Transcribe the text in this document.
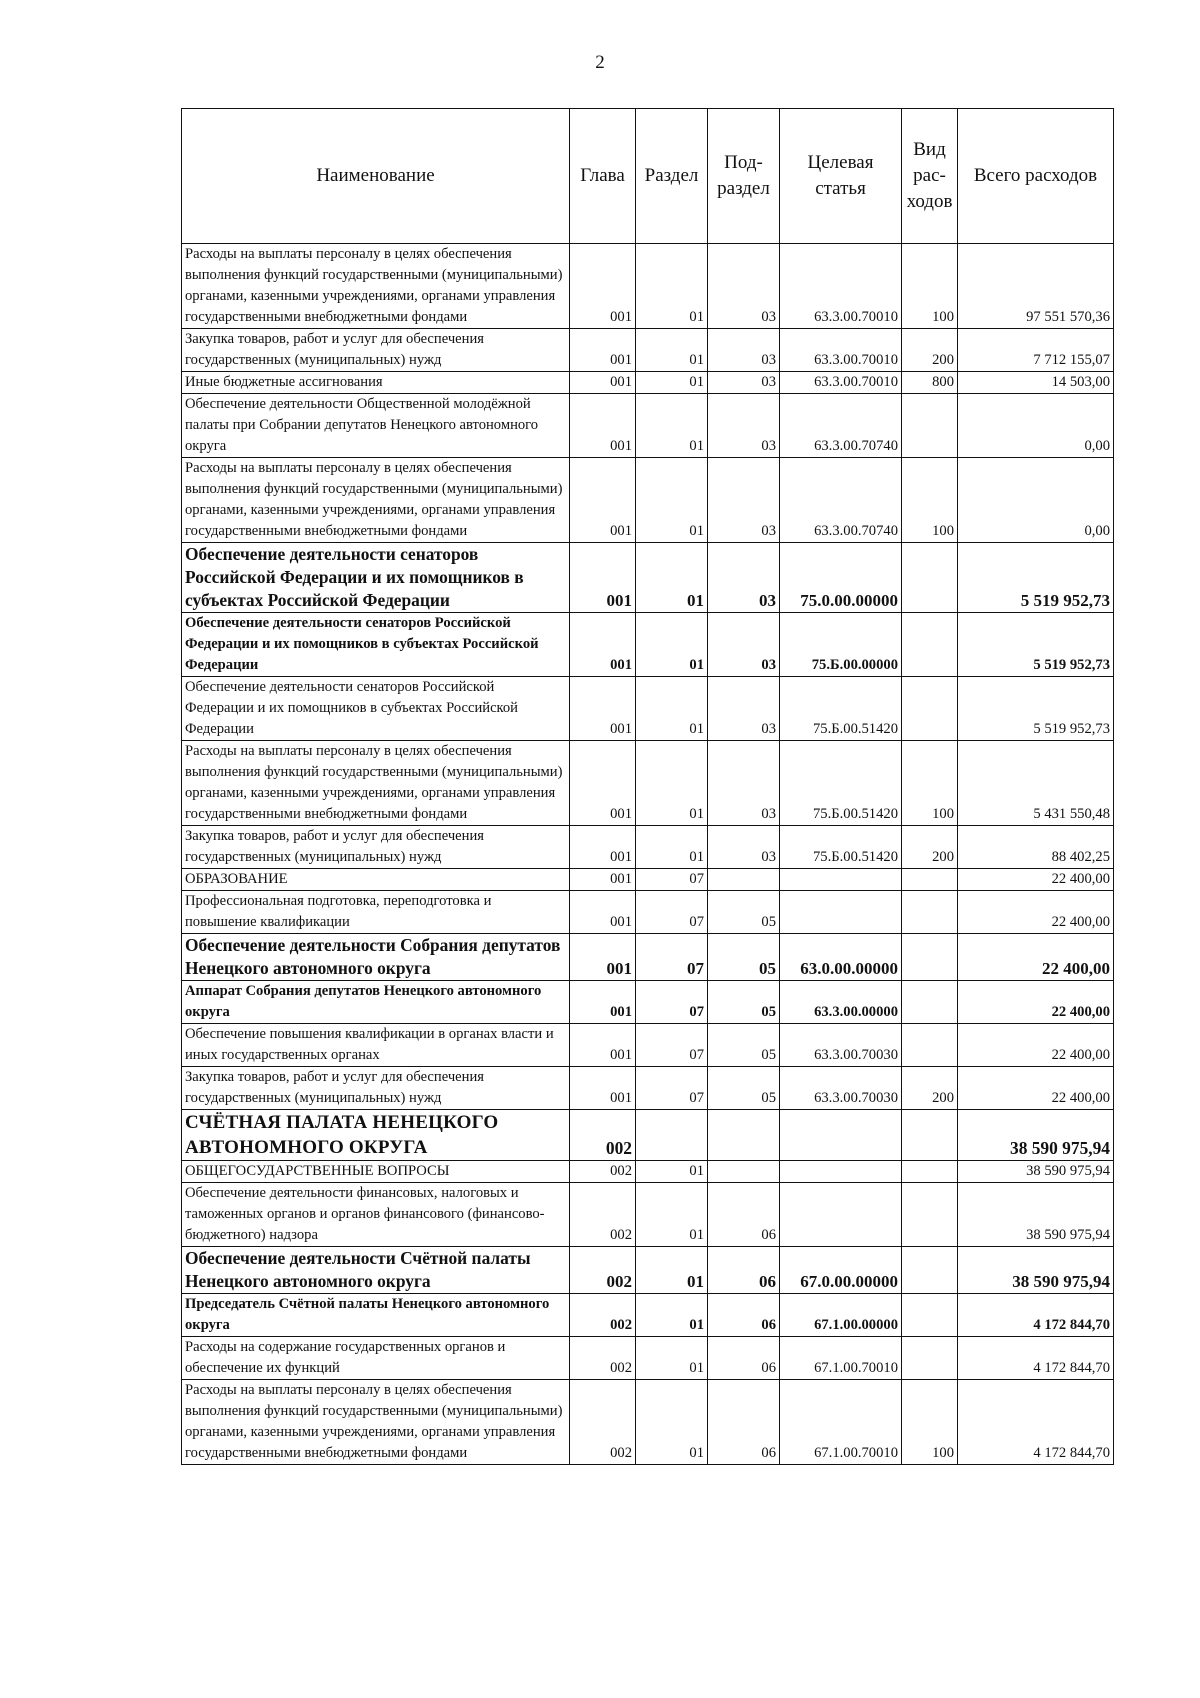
2
Наименование	Глава	Раздел	Под-раздел	Целевая статья	Вид рас-ходов	Всего расходов
Расходы на выплаты персоналу в целях обеспечения выполнения функций государственными (муниципальными) органами, казенными учреждениями, органами управления государственными внебюджетными фондами	001	01	03	63.3.00.70010	100	97 551 570,36
Закупка товаров, работ и услуг для обеспечения государственных (муниципальных) нужд	001	01	03	63.3.00.70010	200	7 712 155,07
Иные бюджетные ассигнования	001	01	03	63.3.00.70010	800	14 503,00
Обеспечение деятельности Общественной молодёжной палаты при Собрании депутатов Ненецкого автономного округа	001	01	03	63.3.00.70740		0,00
Расходы на выплаты персоналу в целях обеспечения выполнения функций государственными (муниципальными) органами, казенными учреждениями, органами управления государственными внебюджетными фондами	001	01	03	63.3.00.70740	100	0,00
Обеспечение деятельности сенаторов Российской Федерации и их помощников в субъектах Российской Федерации	001	01	03	75.0.00.00000		5 519 952,73
Обеспечение деятельности сенаторов Российской Федерации и их помощников в субъектах Российской Федерации	001	01	03	75.Б.00.00000		5 519 952,73
Обеспечение деятельности сенаторов Российской Федерации и их помощников в субъектах Российской Федерации	001	01	03	75.Б.00.51420		5 519 952,73
Расходы на выплаты персоналу в целях обеспечения выполнения функций государственными (муниципальными) органами, казенными учреждениями, органами управления государственными внебюджетными фондами	001	01	03	75.Б.00.51420	100	5 431 550,48
Закупка товаров, работ и услуг для обеспечения государственных (муниципальных) нужд	001	01	03	75.Б.00.51420	200	88 402,25
ОБРАЗОВАНИЕ	001	07				22 400,00
Профессиональная подготовка, переподготовка и повышение квалификации	001	07	05			22 400,00
Обеспечение деятельности Собрания депутатов Ненецкого автономного округа	001	07	05	63.0.00.00000		22 400,00
Аппарат Собрания депутатов Ненецкого автономного округа	001	07	05	63.3.00.00000		22 400,00
Обеспечение повышения квалификации в органах власти и иных государственных органах	001	07	05	63.3.00.70030		22 400,00
Закупка товаров, работ и услуг для обеспечения государственных (муниципальных) нужд	001	07	05	63.3.00.70030	200	22 400,00
СЧЁТНАЯ ПАЛАТА НЕНЕЦКОГО АВТОНОМНОГО ОКРУГА	002					38 590 975,94
ОБЩЕГОСУДАРСТВЕННЫЕ ВОПРОСЫ	002	01				38 590 975,94
Обеспечение деятельности финансовых, налоговых и таможенных органов и органов финансового (финансово-бюджетного) надзора	002	01	06			38 590 975,94
Обеспечение деятельности Счётной палаты Ненецкого автономного округа	002	01	06	67.0.00.00000		38 590 975,94
Председатель Счётной палаты Ненецкого автономного округа	002	01	06	67.1.00.00000		4 172 844,70
Расходы на содержание государственных органов и обеспечение их функций	002	01	06	67.1.00.70010		4 172 844,70
Расходы на выплаты персоналу в целях обеспечения выполнения функций государственными (муниципальными) органами, казенными учреждениями, органами управления государственными внебюджетными фондами	002	01	06	67.1.00.70010	100	4 172 844,70
